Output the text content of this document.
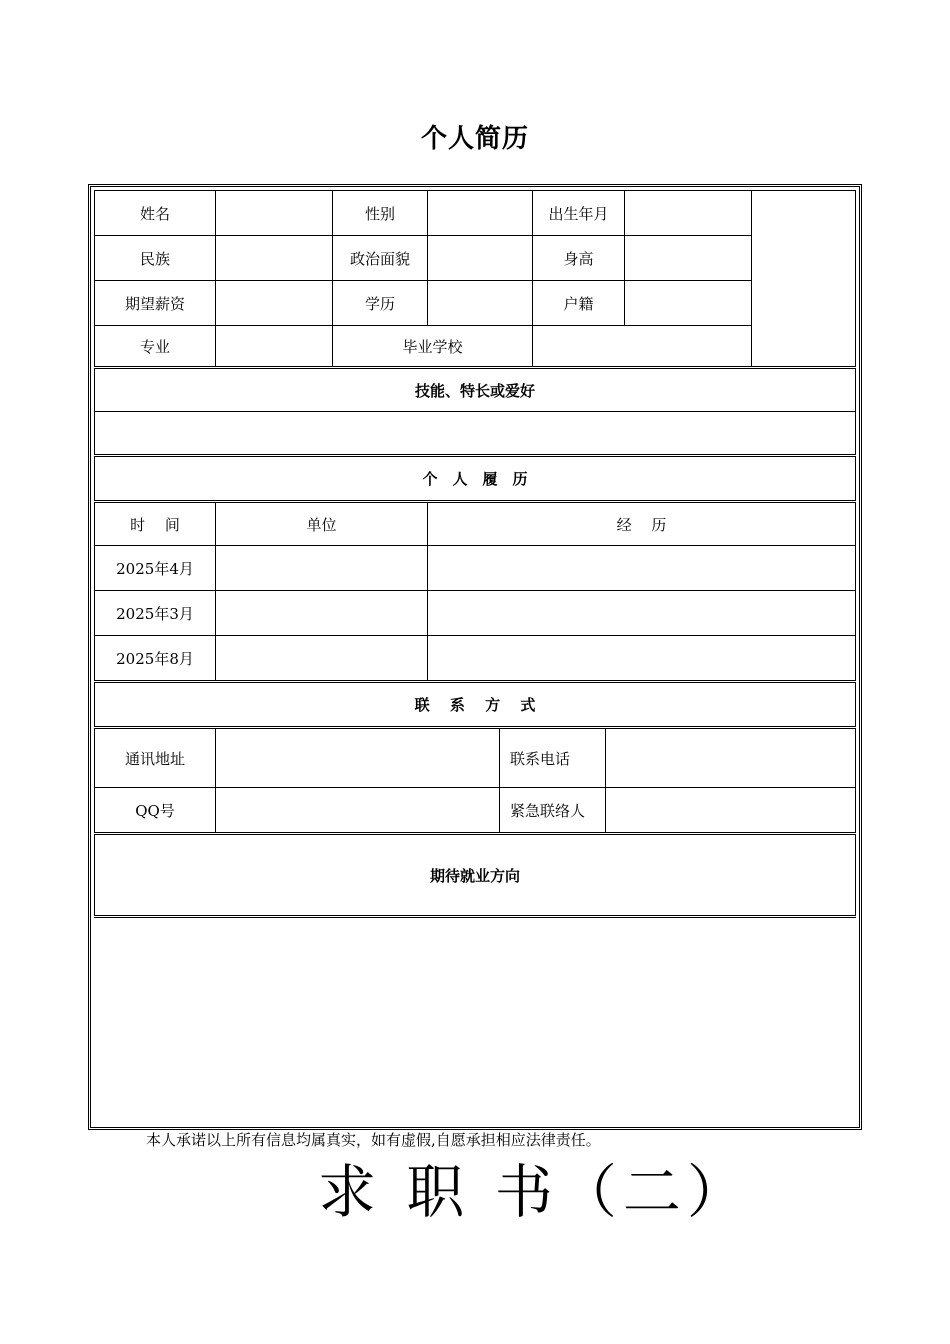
个人简历
姓名	性别	出生年月
民族	政治面貌	身高
期望薪资	学历	户籍
专业	毕业学校
技能、特长或爱好
个　人　履　历
时　 间	单位	经　 历
2025年4月
2025年3月
2025年8月
联　 系　 方　 式
通讯地址	联系电话
QQ号	紧急联络人
期待就业方向
本人承诺以上所有信息均属真实，如有虚假,自愿承担相应法律责任。
求 职 书（二）
